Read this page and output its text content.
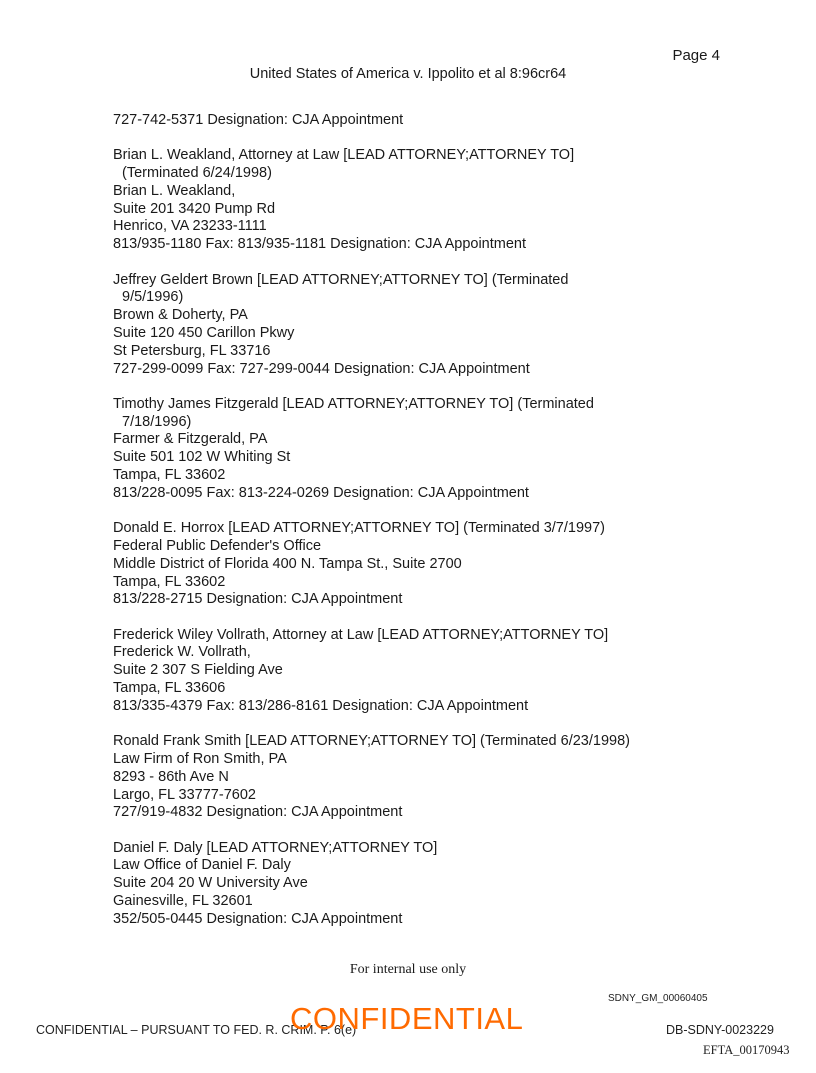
Page 4
United States of America v. Ippolito et al 8:96cr64
727-742-5371 Designation: CJA Appointment
Brian L. Weakland, Attorney at Law [LEAD ATTORNEY;ATTORNEY TO]
(Terminated 6/24/1998)
Brian L. Weakland,
Suite 201 3420 Pump Rd
Henrico, VA 23233-1111
813/935-1180 Fax: 813/935-1181 Designation: CJA Appointment
Jeffrey Geldert Brown [LEAD ATTORNEY;ATTORNEY TO] (Terminated
9/5/1996)
Brown & Doherty, PA
Suite 120 450 Carillon Pkwy
St Petersburg, FL 33716
727-299-0099 Fax: 727-299-0044 Designation: CJA Appointment
Timothy James Fitzgerald [LEAD ATTORNEY;ATTORNEY TO] (Terminated
7/18/1996)
Farmer & Fitzgerald, PA
Suite 501 102 W Whiting St
Tampa, FL 33602
813/228-0095 Fax: 813-224-0269 Designation: CJA Appointment
Donald E. Horrox [LEAD ATTORNEY;ATTORNEY TO] (Terminated 3/7/1997)
Federal Public Defender's Office
Middle District of Florida 400 N. Tampa St., Suite 2700
Tampa, FL 33602
813/228-2715 Designation: CJA Appointment
Frederick Wiley Vollrath, Attorney at Law [LEAD ATTORNEY;ATTORNEY TO]
Frederick W. Vollrath,
Suite 2 307 S Fielding Ave
Tampa, FL 33606
813/335-4379 Fax: 813/286-8161 Designation: CJA Appointment
Ronald Frank Smith [LEAD ATTORNEY;ATTORNEY TO] (Terminated 6/23/1998)
Law Firm of Ron Smith, PA
8293 - 86th Ave N
Largo, FL 33777-7602
727/919-4832 Designation: CJA Appointment
Daniel F. Daly [LEAD ATTORNEY;ATTORNEY TO]
Law Office of Daniel F. Daly
Suite 204 20 W University Ave
Gainesville, FL 32601
352/505-0445 Designation: CJA Appointment
For internal use only
SDNY_GM_00060405
CONFIDENTIAL – PURSUANT TO FED. R. CRIM. P. 6(e)
CONFIDENTIAL	DB-SDNY-0023229
EFTA_00170943
